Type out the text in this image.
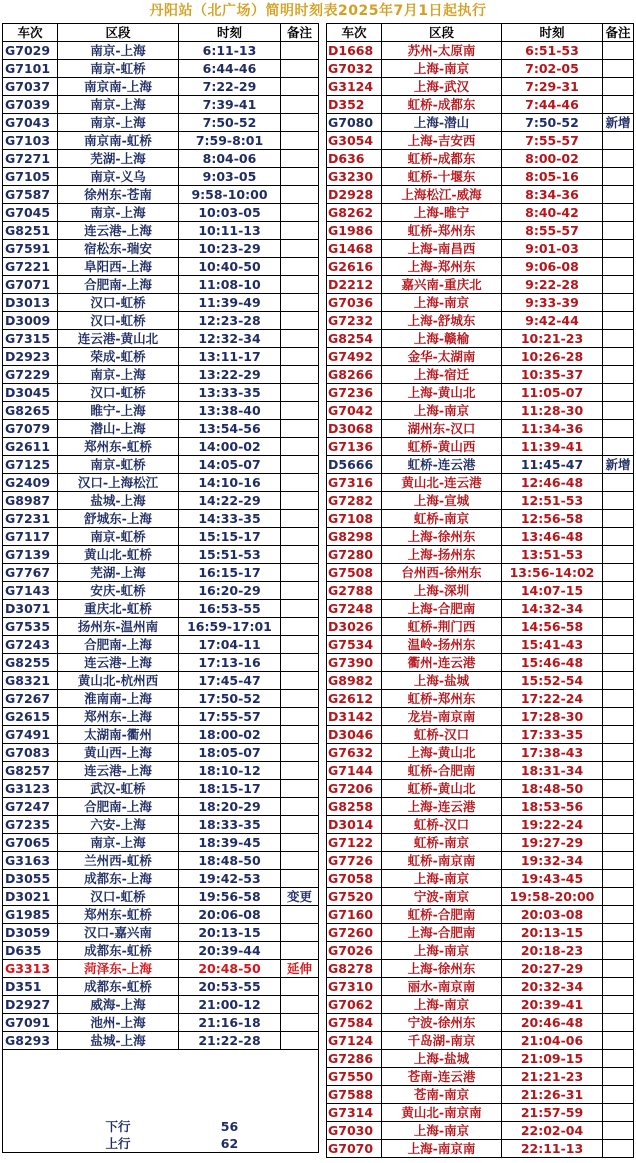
丹阳站（北广场）简明时刻表2025年7月1日起执行
车次	区段	时刻	备注
G7029	南京-上海	6:11-13	
G7101	南京-虹桥	6:44-46	
G7037	南京南-上海	7:22-29	
G7039	南京-上海	7:39-41	
G7043	南京-上海	7:50-52	
G7103	南京南-虹桥	7:59-8:01	
G7271	芜湖-上海	8:04-06	
G7105	南京-义乌	9:03-05	
G7587	徐州东-苍南	9:58-10:00	
G7045	南京-上海	10:03-05	
G8251	连云港-上海	10:11-13	
G7591	宿松东-瑞安	10:23-29	
G7221	阜阳西-上海	10:40-50	
G7071	合肥南-上海	11:08-10	
D3013	汉口-虹桥	11:39-49	
D3009	汉口-虹桥	12:23-28	
G7315	连云港-黄山北	12:32-34	
D2923	荣成-虹桥	13:11-17	
G7229	南京-上海	13:22-29	
D3045	汉口-虹桥	13:33-35	
G8265	睢宁-上海	13:38-40	
G7079	潜山-上海	13:54-56	
G2611	郑州东-虹桥	14:00-02	
G7125	南京-虹桥	14:05-07	
G2409	汉口-上海松江	14:10-16	
G8987	盐城-上海	14:22-29	
G7231	舒城东-上海	14:33-35	
G7117	南京-虹桥	15:15-17	
G7139	黄山北-虹桥	15:51-53	
G7767	芜湖-上海	16:15-17	
G7143	安庆-虹桥	16:20-29	
D3071	重庆北-虹桥	16:53-55	
G7535	扬州东-温州南	16:59-17:01	
G7243	合肥南-上海	17:04-11	
G8255	连云港-上海	17:13-16	
G8321	黄山北-杭州西	17:45-47	
G7267	淮南南-上海	17:50-52	
G2615	郑州东-上海	17:55-57	
G7491	太湖南-衢州	18:00-02	
G7083	黄山西-上海	18:05-07	
G8257	连云港-上海	18:10-12	
G3123	武汉-虹桥	18:15-17	
G7247	合肥南-上海	18:20-29	
G7235	六安-上海	18:33-35	
G7065	南京-上海	18:39-45	
G3163	兰州西-虹桥	18:48-50	
D3055	成都东-上海	19:42-53	
D3021	汉口-虹桥	19:56-58	变更
G1985	郑州东-虹桥	20:06-08	
D3059	汉口-嘉兴南	20:13-15	
D635	成都东-虹桥	20:39-44	
G3313	菏泽东-上海	20:48-50	延伸
D351	成都东-虹桥	20:53-55	
D2927	威海-上海	21:00-12	
G7091	池州-上海	21:16-18	
G8293	盐城-上海	21:22-28	

	下行	56	
	上行	62	
车次	区段	时刻	备注
D1668	苏州-太原南	6:51-53	
G7032	上海-南京	7:02-05	
G3124	上海-武汉	7:29-31	
D352	虹桥-成都东	7:44-46	
G7080	上海-潜山	7:50-52	新增
G3054	上海-吉安西	7:55-57	
D636	虹桥-成都东	8:00-02	
G3230	虹桥-十堰东	8:05-16	
D2928	上海松江-威海	8:34-36	
G8262	上海-睢宁	8:40-42	
G1986	虹桥-郑州东	8:55-57	
G1468	上海-南昌西	9:01-03	
G2616	上海-郑州东	9:06-08	
D2212	嘉兴南-重庆北	9:22-28	
G7036	上海-南京	9:33-39	
G7232	上海-舒城东	9:42-44	
G8254	上海-赣榆	10:21-23	
G7492	金华-太湖南	10:26-28	
G8266	上海-宿迁	10:35-37	
G7236	上海-黄山北	11:05-07	
G7042	上海-南京	11:28-30	
D3068	湖州东-汉口	11:34-36	
G7136	虹桥-黄山西	11:39-41	
D5666	虹桥-连云港	11:45-47	新增
G7316	黄山北-连云港	12:46-48	
G7282	上海-宣城	12:51-53	
G7108	虹桥-南京	12:56-58	
G8298	上海-徐州东	13:46-48	
G7280	上海-扬州东	13:51-53	
G7508	台州西-徐州东	13:56-14:02	
G2788	上海-深圳	14:07-15	
G7248	上海-合肥南	14:32-34	
D3026	虹桥-荆门西	14:56-58	
G7534	温岭-扬州东	15:41-43	
G7390	衢州-连云港	15:46-48	
G8982	上海-盐城	15:52-54	
G2612	虹桥-郑州东	17:22-24	
D3142	龙岩-南京南	17:28-30	
D3046	虹桥-汉口	17:33-35	
G7632	上海-黄山北	17:38-43	
G7144	虹桥-合肥南	18:31-34	
G7206	虹桥-黄山北	18:48-50	
G8258	上海-连云港	18:53-56	
D3014	虹桥-汉口	19:22-24	
G7122	虹桥-南京	19:27-29	
G7726	虹桥-南京南	19:32-34	
G7058	上海-南京	19:43-45	
G7520	宁波-南京	19:58-20:00	
G7160	虹桥-合肥南	20:03-08	
G7260	上海-合肥南	20:13-15	
G7026	上海-南京	20:18-23	
G8278	上海-徐州东	20:27-29	
G7310	丽水-南京南	20:32-34	
G7062	上海-南京	20:39-41	
G7584	宁波-徐州东	20:46-48	
G7124	千岛湖-南京	21:04-06	
G7286	上海-盐城	21:09-15	
G7550	苍南-连云港	21:21-23	
G7588	苍南-南京	21:26-31	
G7314	黄山北-南京南	21:57-59	
G7030	上海-南京	22:02-04	
G7070	上海-南京南	22:11-13	
